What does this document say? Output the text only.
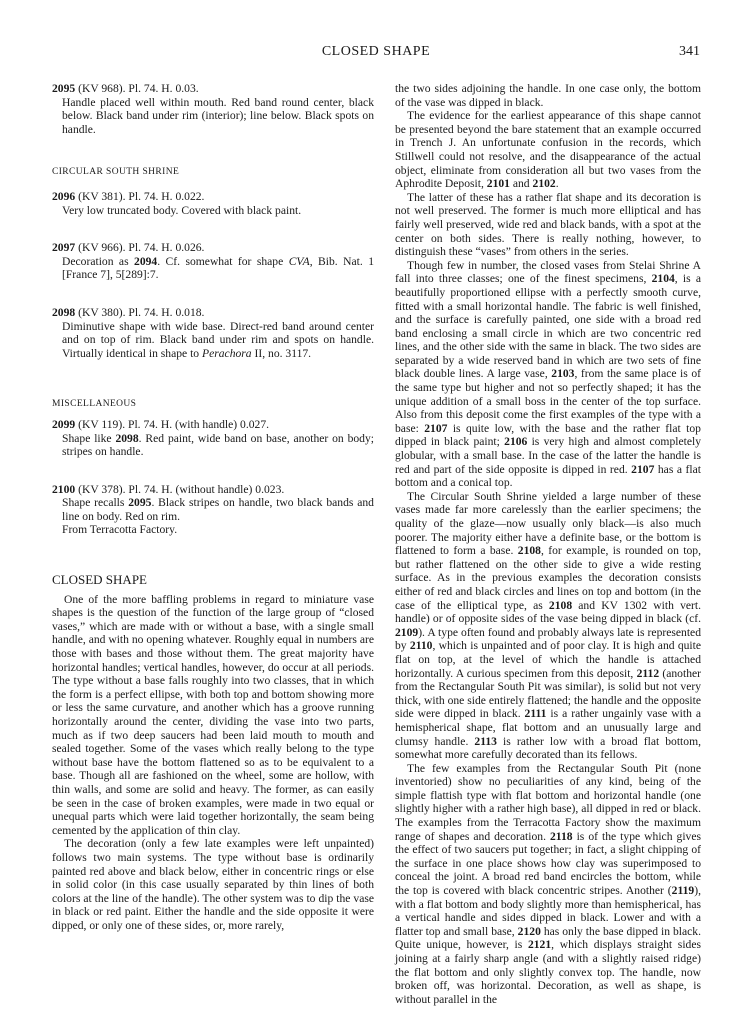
CLOSED SHAPE	341

2095 (KV 968). Pl. 74. H. 0.03.

Handle placed well within mouth. Red band round center, black below. Black band under rim (interior); line below. Black spots on handle.

CIRCULAR SOUTH SHRINE

2096 (KV 381). Pl. 74. H. 0.022.

Very low truncated body. Covered with black paint.

2097 (KV 966). Pl. 74. H. 0.026.

Decoration as 2094. Cf. somewhat for shape CVA, Bib. Nat. 1 [France 7], 5[289]:7.

2098 (KV 380). Pl. 74. H. 0.018.

Diminutive shape with wide base. Direct-red band around center and on top of rim. Black band under rim and spots on handle. Virtually identical in shape to Perachora II, no. 3117.

MISCELLANEOUS

2099 (KV 119). Pl. 74. H. (with handle) 0.027.

Shape like 2098. Red paint, wide band on base, another on body; stripes on handle.

2100 (KV 378). Pl. 74. H. (without handle) 0.023.

Shape recalls 2095. Black stripes on handle, two black bands and line on body. Red on rim.

From Terracotta Factory.

CLOSED SHAPE

One of the more baffling problems in regard to miniature vase shapes is the question of the function of the large group of “closed vases,” which are made with or without a base, with a single small handle, and with no opening whatever. Roughly equal in numbers are those with bases and those without them. The great majority have horizontal handles; vertical handles, however, do occur at all periods. The type without a base falls roughly into two classes, that in which the form is a perfect ellipse, with both top and bottom showing more or less the same curvature, and another which has a groove running horizontally around the center, dividing the vase into two parts, much as if two deep saucers had been laid mouth to mouth and sealed together. Some of the vases which really belong to the type without base have the bottom flattened so as to be equivalent to a base. Though all are fashioned on the wheel, some are hollow, with thin walls, and some are solid and heavy. The former, as can easily be seen in the case of broken examples, were made in two equal or unequal parts which were laid together horizontally, the seam being cemented by the application of thin clay.

The decoration (only a few late examples were left unpainted) follows two main systems. The type without base is ordinarily painted red above and black below, either in concentric rings or else in solid color (in this case usually separated by thin lines of both colors at the line of the handle). The other system was to dip the vase in black or red paint. Either the handle and the side opposite it were dipped, or only one of these sides, or, more rarely,

the two sides adjoining the handle. In one case only, the bottom of the vase was dipped in black.

The evidence for the earliest appearance of this shape cannot be presented beyond the bare statement that an example occurred in Trench J. An unfortunate confusion in the records, which Stillwell could not resolve, and the disappearance of the actual object, eliminate from consideration all but two vases from the Aphrodite Deposit, 2101 and 2102.

The latter of these has a rather flat shape and its decoration is not well preserved. The former is much more elliptical and has fairly well preserved, wide red and black bands, with a spot at the center on both sides. There is really nothing, however, to distinguish these “vases” from others in the series.

Though few in number, the closed vases from Stelai Shrine A fall into three classes; one of the finest specimens, 2104, is a beautifully proportioned ellipse with a perfectly smooth curve, fitted with a small horizontal handle. The fabric is well finished, and the surface is carefully painted, one side with a broad red band enclosing a small circle in which are two concentric red lines, and the other side with the same in black. The two sides are separated by a wide reserved band in which are two sets of fine black double lines. A large vase, 2103, from the same place is of the same type but higher and not so perfectly shaped; it has the unique addition of a small boss in the center of the top surface. Also from this deposit come the first examples of the type with a base: 2107 is quite low, with the base and the rather flat top dipped in black paint; 2106 is very high and almost completely globular, with a small base. In the case of the latter the handle is red and part of the side opposite is dipped in red. 2107 has a flat bottom and a conical top.

The Circular South Shrine yielded a large number of these vases made far more carelessly than the earlier specimens; the quality of the glaze—now usually only black—is also much poorer. The majority either have a definite base, or the bottom is flattened to form a base. 2108, for example, is rounded on top, but rather flattened on the other side to give a wide resting surface. As in the previous examples the decoration consists either of red and black circles and lines on top and bottom (in the case of the elliptical type, as 2108 and KV 1302 with vert. handle) or of opposite sides of the vase being dipped in black (cf. 2109). A type often found and probably always late is represented by 2110, which is unpainted and of poor clay. It is high and quite flat on top, at the level of which the handle is attached horizontally. A curious specimen from this deposit, 2112 (another from the Rectangular South Pit was similar), is solid but not very thick, with one side entirely flattened; the handle and the opposite side were dipped in black. 2111 is a rather ungainly vase with a hemispherical shape, flat bottom and an unusually large and clumsy handle. 2113 is rather low with a broad flat bottom, somewhat more carefully decorated than its fellows.

The few examples from the Rectangular South Pit (none inventoried) show no peculiarities of any kind, being of the simple flattish type with flat bottom and horizontal handle (one slightly higher with a rather high base), all dipped in red or black. The examples from the Terracotta Factory show the maximum range of shapes and decoration. 2118 is of the type which gives the effect of two saucers put together; in fact, a slight chipping of the surface in one place shows how clay was superimposed to conceal the joint. A broad red band encircles the bottom, while the top is covered with black concentric stripes. Another (2119), with a flat bottom and body slightly more than hemispherical, has a vertical handle and sides dipped in black. Lower and with a flatter top and small base, 2120 has only the base dipped in black. Quite unique, however, is 2121, which displays straight sides joining at a fairly sharp angle (and with a slightly raised ridge) the flat bottom and only slightly convex top. The handle, now broken off, was horizontal. Decoration, as well as shape, is without parallel in the
